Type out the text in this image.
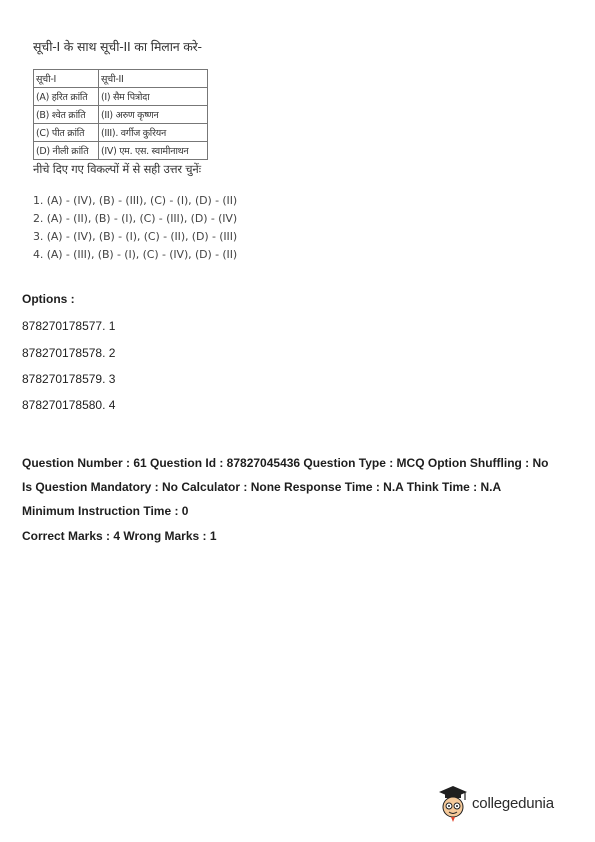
सूची-I के साथ सूची-II का मिलान करे-
सूची-I	सूची-II
(A) हरित क्रांति	(I) सैम पित्रोदा
(B) श्वेत क्रांति	(II) अरुण कृष्णन
(C) पीत क्रांति	(III). वर्गीज कुरियन
(D) नीली क्रांति	(IV) एम. एस. स्वामीनाथन
नीचे दिए गए विकल्पों में से सही उत्तर चुनेंः
1. (A) - (IV), (B) - (III), (C) - (I), (D) - (II)
2. (A) - (II), (B) - (I), (C) - (III), (D) - (IV)
3. (A) - (IV), (B) - (I), (C) - (II), (D) - (III)
4. (A) - (III), (B) - (I), (C) - (IV), (D) - (II)
Options :
878270178577. 1
878270178578. 2
878270178579. 3
878270178580. 4
Question Number : 61 Question Id : 87827045436 Question Type : MCQ Option Shuffling : No
Is Question Mandatory : No Calculator : None Response Time : N.A Think Time : N.A
Minimum Instruction Time : 0
Correct Marks : 4 Wrong Marks : 1
collegedunia
